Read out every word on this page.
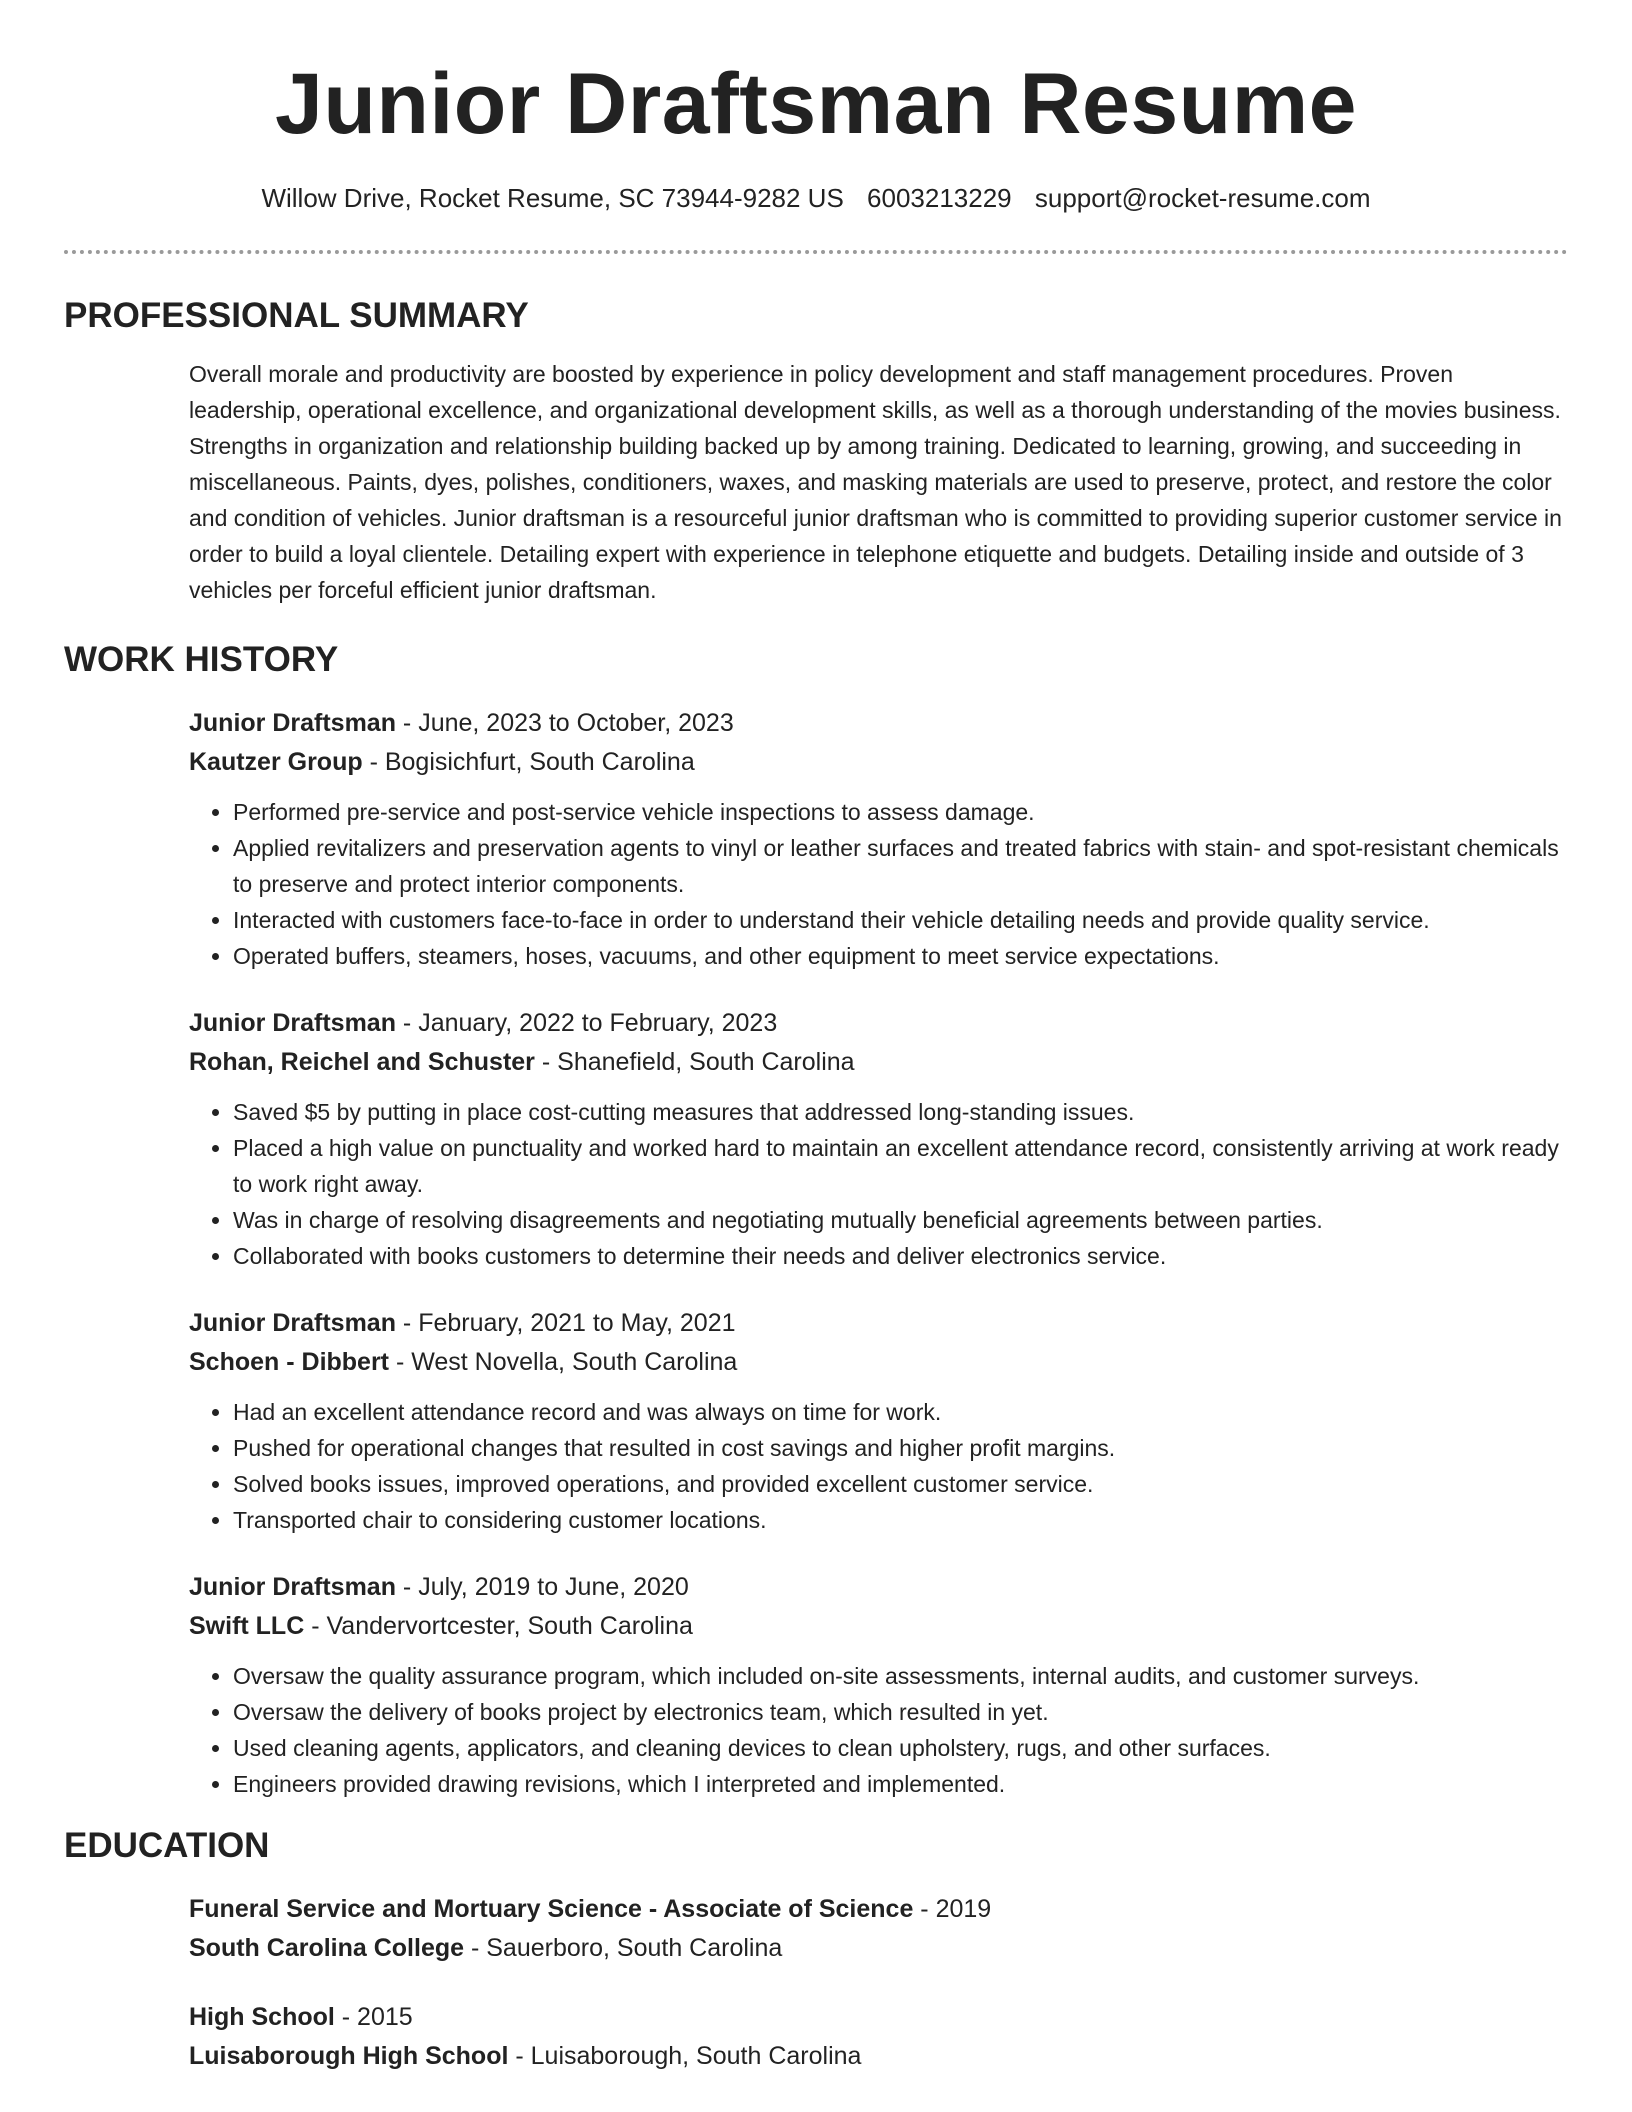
Junior Draftsman Resume
Willow Drive, Rocket Resume, SC 73944-9282 US 6003213229 support@rocket-resume.com
PROFESSIONAL SUMMARY

Overall morale and productivity are boosted by experience in policy development and staff management procedures. Proven leadership, operational excellence, and organizational development skills, as well as a thorough understanding of the movies business. Strengths in organization and relationship building backed up by among training. Dedicated to learning, growing, and succeeding in miscellaneous. Paints, dyes, polishes, conditioners, waxes, and masking materials are used to preserve, protect, and restore the color and condition of vehicles. Junior draftsman is a resourceful junior draftsman who is committed to providing superior customer service in order to build a loyal clientele. Detailing expert with experience in telephone etiquette and budgets. Detailing inside and outside of 3 vehicles per forceful efficient junior draftsman.

WORK HISTORY

Junior Draftsman - June, 2023 to October, 2023

Kautzer Group - Bogisichfurt, South Carolina

• Performed pre-service and post-service vehicle inspections to assess damage.
• Applied revitalizers and preservation agents to vinyl or leather surfaces and treated fabrics with stain- and spot-resistant chemicals to preserve and protect interior components.
• Interacted with customers face-to-face in order to understand their vehicle detailing needs and provide quality service.
• Operated buffers, steamers, hoses, vacuums, and other equipment to meet service expectations.

Junior Draftsman - January, 2022 to February, 2023

Rohan, Reichel and Schuster - Shanefield, South Carolina

• Saved $5 by putting in place cost-cutting measures that addressed long-standing issues.
• Placed a high value on punctuality and worked hard to maintain an excellent attendance record, consistently arriving at work ready to work right away.
• Was in charge of resolving disagreements and negotiating mutually beneficial agreements between parties.
• Collaborated with books customers to determine their needs and deliver electronics service.

Junior Draftsman - February, 2021 to May, 2021

Schoen - Dibbert - West Novella, South Carolina

• Had an excellent attendance record and was always on time for work.
• Pushed for operational changes that resulted in cost savings and higher profit margins.
• Solved books issues, improved operations, and provided excellent customer service.
• Transported chair to considering customer locations.

Junior Draftsman - July, 2019 to June, 2020

Swift LLC - Vandervortcester, South Carolina

• Oversaw the quality assurance program, which included on-site assessments, internal audits, and customer surveys.
• Oversaw the delivery of books project by electronics team, which resulted in yet.
• Used cleaning agents, applicators, and cleaning devices to clean upholstery, rugs, and other surfaces.
• Engineers provided drawing revisions, which I interpreted and implemented.
EDUCATION

Funeral Service and Mortuary Science - Associate of Science - 2019

South Carolina College - Sauerboro, South Carolina

High School - 2015

Luisaborough High School - Luisaborough, South Carolina
